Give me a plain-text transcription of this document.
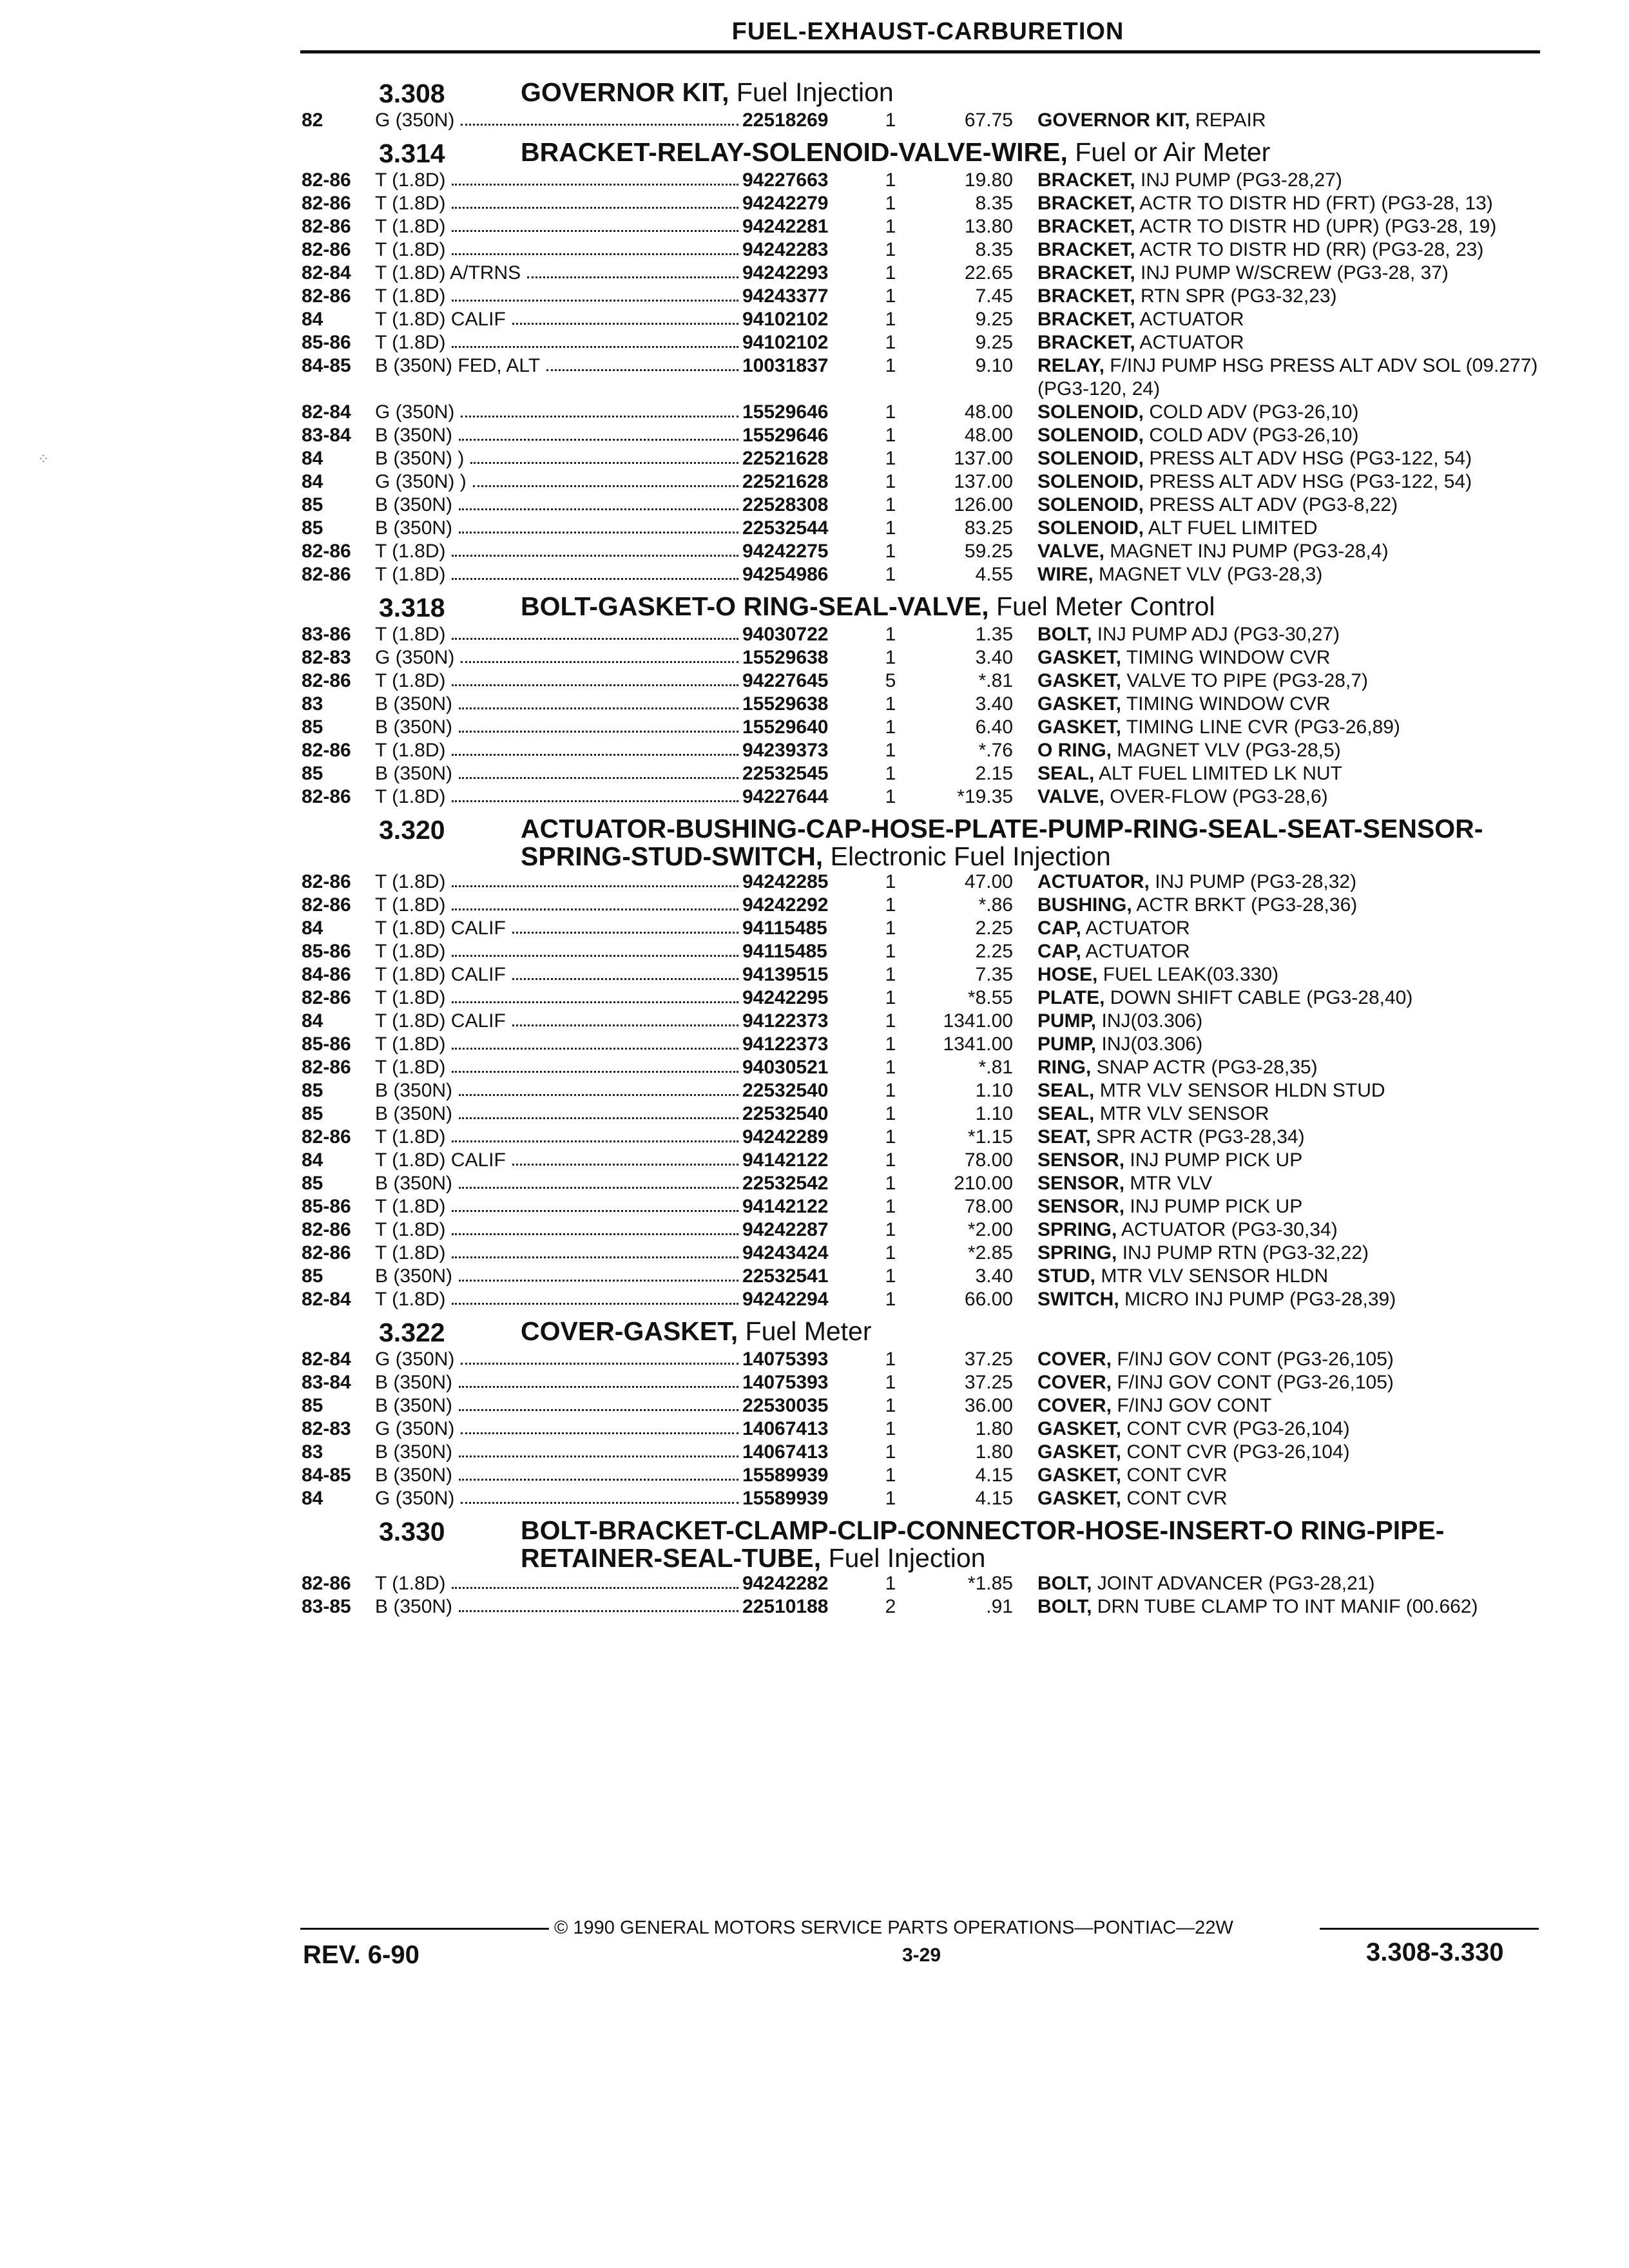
FUEL-EXHAUST-CARBURETION
⁘
3.308	GOVERNOR KIT, Fuel Injection
82	G (350N)	22518269	1	67.75	GOVERNOR KIT, REPAIR
3.314	BRACKET-RELAY-SOLENOID-VALVE-WIRE, Fuel or Air Meter
82-86	T (1.8D)	94227663	1	19.80	BRACKET, INJ PUMP (PG3-28,27)
82-86	T (1.8D)	94242279	1	8.35	BRACKET, ACTR TO DISTR HD (FRT) (PG3-28, 13)
82-86	T (1.8D)	94242281	1	13.80	BRACKET, ACTR TO DISTR HD (UPR) (PG3-28, 19)
82-86	T (1.8D)	94242283	1	8.35	BRACKET, ACTR TO DISTR HD (RR) (PG3-28, 23)
82-84	T (1.8D) A/TRNS	94242293	1	22.65	BRACKET, INJ PUMP W/SCREW (PG3-28, 37)
82-86	T (1.8D)	94243377	1	7.45	BRACKET, RTN SPR (PG3-32,23)
84	T (1.8D) CALIF	94102102	1	9.25	BRACKET, ACTUATOR
85-86	T (1.8D)	94102102	1	9.25	BRACKET, ACTUATOR
84-85	B (350N) FED, ALT	10031837	1	9.10	RELAY, F/INJ PUMP HSG PRESS ALT ADV SOL (09.277) (PG3-120, 24)
82-84	G (350N)	15529646	1	48.00	SOLENOID, COLD ADV (PG3-26,10)
83-84	B (350N)	15529646	1	48.00	SOLENOID, COLD ADV (PG3-26,10)
84	B (350N) )	22521628	1	137.00	SOLENOID, PRESS ALT ADV HSG (PG3-122, 54)
84	G (350N) )	22521628	1	137.00	SOLENOID, PRESS ALT ADV HSG (PG3-122, 54)
85	B (350N)	22528308	1	126.00	SOLENOID, PRESS ALT ADV (PG3-8,22)
85	B (350N)	22532544	1	83.25	SOLENOID, ALT FUEL LIMITED
82-86	T (1.8D)	94242275	1	59.25	VALVE, MAGNET INJ PUMP (PG3-28,4)
82-86	T (1.8D)	94254986	1	4.55	WIRE, MAGNET VLV (PG3-28,3)
3.318	BOLT-GASKET-O RING-SEAL-VALVE, Fuel Meter Control
83-86	T (1.8D)	94030722	1	1.35	BOLT, INJ PUMP ADJ (PG3-30,27)
82-83	G (350N)	15529638	1	3.40	GASKET, TIMING WINDOW CVR
82-86	T (1.8D)	94227645	5	*.81	GASKET, VALVE TO PIPE (PG3-28,7)
83	B (350N)	15529638	1	3.40	GASKET, TIMING WINDOW CVR
85	B (350N)	15529640	1	6.40	GASKET, TIMING LINE CVR (PG3-26,89)
82-86	T (1.8D)	94239373	1	*.76	O RING, MAGNET VLV (PG3-28,5)
85	B (350N)	22532545	1	2.15	SEAL, ALT FUEL LIMITED LK NUT
82-86	T (1.8D)	94227644	1	*19.35	VALVE, OVER-FLOW (PG3-28,6)
3.320	ACTUATOR-BUSHING-CAP-HOSE-PLATE-PUMP-RING-SEAL-SEAT-SENSOR-SPRING-STUD-SWITCH, Electronic Fuel Injection
82-86	T (1.8D)	94242285	1	47.00	ACTUATOR, INJ PUMP (PG3-28,32)
82-86	T (1.8D)	94242292	1	*.86	BUSHING, ACTR BRKT (PG3-28,36)
84	T (1.8D) CALIF	94115485	1	2.25	CAP, ACTUATOR
85-86	T (1.8D)	94115485	1	2.25	CAP, ACTUATOR
84-86	T (1.8D) CALIF	94139515	1	7.35	HOSE, FUEL LEAK(03.330)
82-86	T (1.8D)	94242295	1	*8.55	PLATE, DOWN SHIFT CABLE (PG3-28,40)
84	T (1.8D) CALIF	94122373	1	1341.00	PUMP, INJ(03.306)
85-86	T (1.8D)	94122373	1	1341.00	PUMP, INJ(03.306)
82-86	T (1.8D)	94030521	1	*.81	RING, SNAP ACTR (PG3-28,35)
85	B (350N)	22532540	1	1.10	SEAL, MTR VLV SENSOR HLDN STUD
85	B (350N)	22532540	1	1.10	SEAL, MTR VLV SENSOR
82-86	T (1.8D)	94242289	1	*1.15	SEAT, SPR ACTR (PG3-28,34)
84	T (1.8D) CALIF	94142122	1	78.00	SENSOR, INJ PUMP PICK UP
85	B (350N)	22532542	1	210.00	SENSOR, MTR VLV
85-86	T (1.8D)	94142122	1	78.00	SENSOR, INJ PUMP PICK UP
82-86	T (1.8D)	94242287	1	*2.00	SPRING, ACTUATOR (PG3-30,34)
82-86	T (1.8D)	94243424	1	*2.85	SPRING, INJ PUMP RTN (PG3-32,22)
85	B (350N)	22532541	1	3.40	STUD, MTR VLV SENSOR HLDN
82-84	T (1.8D)	94242294	1	66.00	SWITCH, MICRO INJ PUMP (PG3-28,39)
3.322	COVER-GASKET, Fuel Meter
82-84	G (350N)	14075393	1	37.25	COVER, F/INJ GOV CONT (PG3-26,105)
83-84	B (350N)	14075393	1	37.25	COVER, F/INJ GOV CONT (PG3-26,105)
85	B (350N)	22530035	1	36.00	COVER, F/INJ GOV CONT
82-83	G (350N)	14067413	1	1.80	GASKET, CONT CVR (PG3-26,104)
83	B (350N)	14067413	1	1.80	GASKET, CONT CVR (PG3-26,104)
84-85	B (350N)	15589939	1	4.15	GASKET, CONT CVR
84	G (350N)	15589939	1	4.15	GASKET, CONT CVR
3.330	BOLT-BRACKET-CLAMP-CLIP-CONNECTOR-HOSE-INSERT-O RING-PIPE-RETAINER-SEAL-TUBE, Fuel Injection
82-86	T (1.8D)	94242282	1	*1.85	BOLT, JOINT ADVANCER (PG3-28,21)
83-85	B (350N)	22510188	2	.91	BOLT, DRN TUBE CLAMP TO INT MANIF (00.662)
© 1990 GENERAL MOTORS SERVICE PARTS OPERATIONS—PONTIAC—22W
REV. 6-90	3-29	3.308-3.330
